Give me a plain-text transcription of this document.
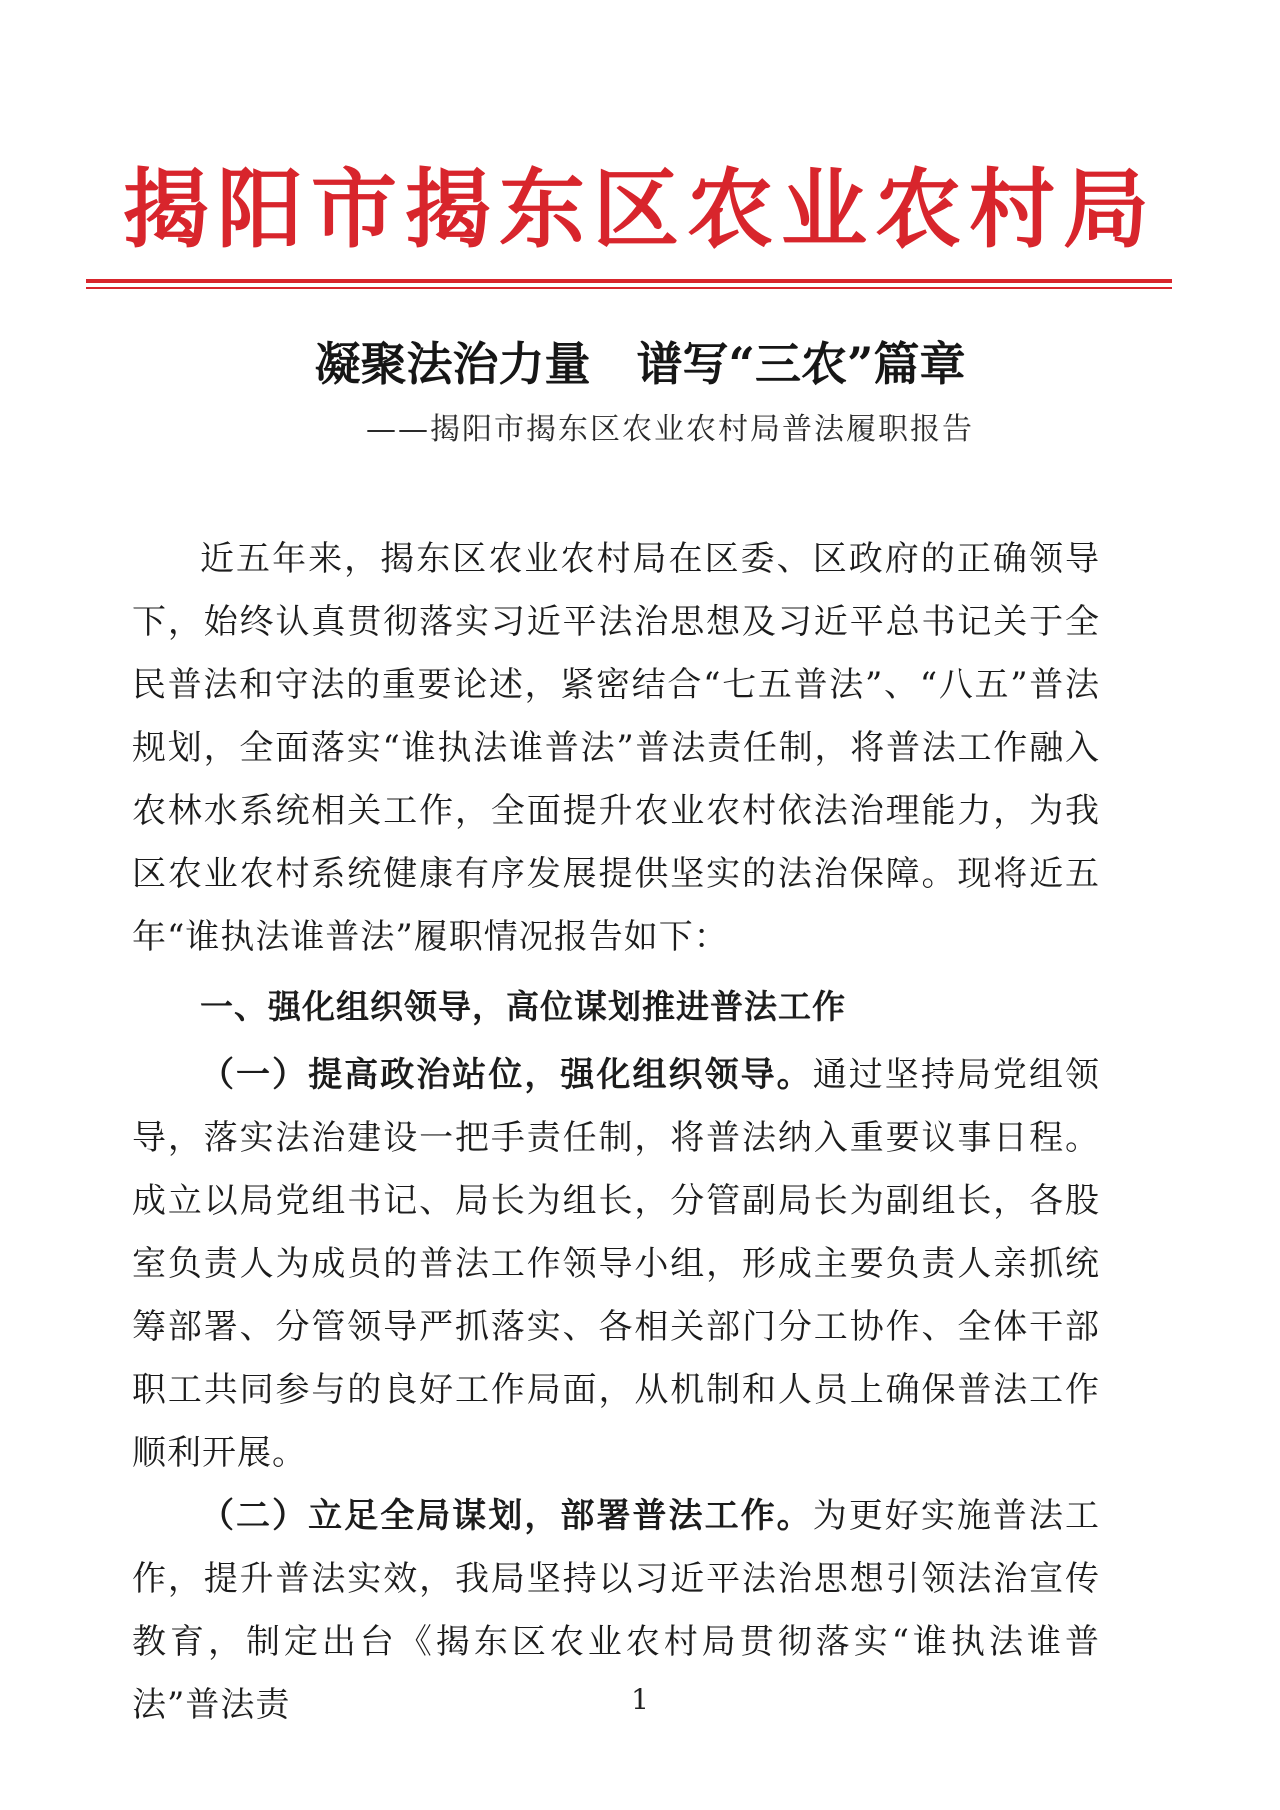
揭阳市揭东区农业农村局
凝聚法治力量　谱写“三农”篇章

——揭阳市揭东区农业农村局普法履职报告

近五年来，揭东区农业农村局在区委、区政府的正确领导下，始终认真贯彻落实习近平法治思想及习近平总书记关于全民普法和守法的重要论述，紧密结合“七五普法”、“八五”普法规划，全面落实“谁执法谁普法”普法责任制，将普法工作融入农林水系统相关工作，全面提升农业农村依法治理能力，为我区农业农村系统健康有序发展提供坚实的法治保障。现将近五年“谁执法谁普法”履职情况报告如下：

一、强化组织领导，高位谋划推进普法工作

（一）提高政治站位，强化组织领导。通过坚持局党组领导，落实法治建设一把手责任制，将普法纳入重要议事日程。成立以局党组书记、局长为组长，分管副局长为副组长，各股室负责人为成员的普法工作领导小组，形成主要负责人亲抓统筹部署、分管领导严抓落实、各相关部门分工协作、全体干部职工共同参与的良好工作局面，从机制和人员上确保普法工作顺利开展。

（二）立足全局谋划，部署普法工作。为更好实施普法工作，提升普法实效，我局坚持以习近平法治思想引领法治宣传教育，制定出台《揭东区农业农村局贯彻落实“谁执法谁普法”普法责	1
